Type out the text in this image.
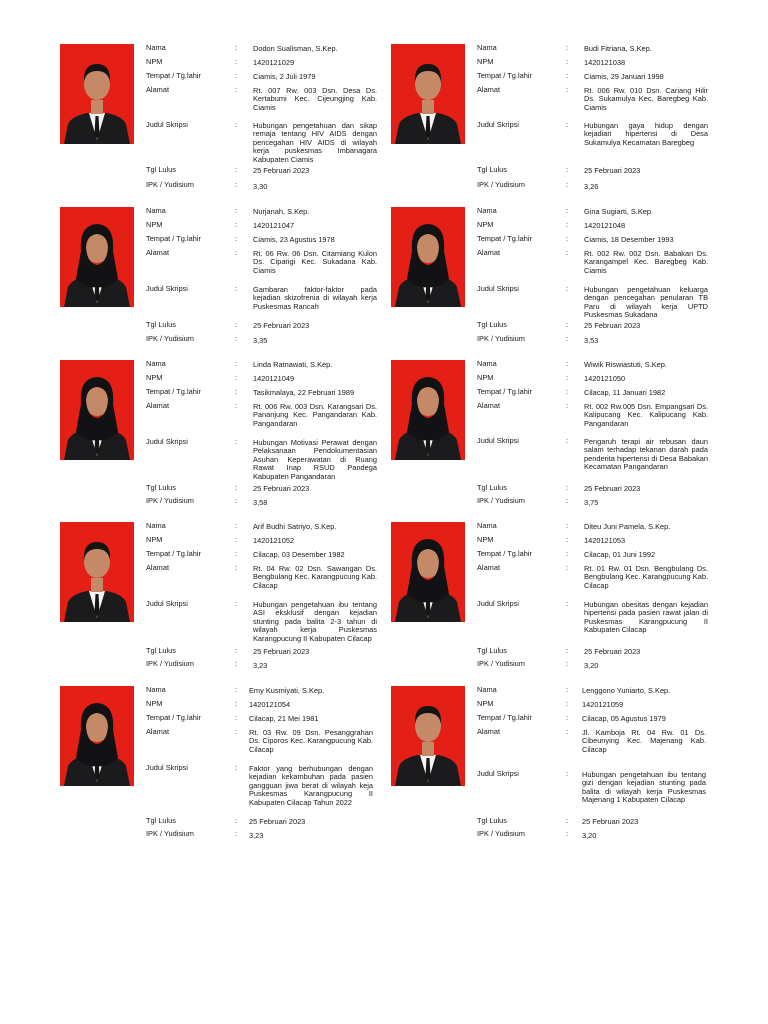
Nama	: Dodon Sualisman, S.Kep.
NPM	: 1420121029
Tempat / Tg.lahir	: Ciamis, 2 Juli 1979
Alamat	: Rt. 007 Rw. 003 Dsn. Desa Ds. Kertabumi Kec. Cijeungjing Kab. Ciamis
Judul Skripsi	: Hubungan pengetahuan dan sikap remaja tentang HIV AIDS dengan pencegahan HIV AIDS di wilayah kerja puskesmas Imbanagara Kabupaten Ciamis
Tgl Lulus	: 25 Februari 2023
IPK / Yudisium	: 3,30
Nama	: Budi Fitriana, S.Kep.
NPM	: 1420121038
Tempat / Tg.lahir	: Ciamis, 29 Januari 1998
Alamat	: Rt. 006 Rw. 010 Dsn. Cariang Hilir Ds. Sukamulya Kec. Baregbeg Kab. Ciamis
Judul Skripsi	: Hubungan gaya hidup dengan kejadian hipertensi di Desa Sukamulya Kecamatan Baregbeg
Tgl Lulus	: 25 Februari 2023
IPK / Yudisium	: 3,26
Nama	: Nurjanah, S.Kep.
NPM	: 1420121047
Tempat / Tg.lahir	: Ciamis, 23 Agustus 1978
Alamat	: Rt. 06 Rw. 06 Dsn. Citamiang Kulon Ds. Ciparigi Kec. Sukadana Kab. Ciamis
Judul Skripsi	: Gambaran faktor-faktor pada kejadian skizofrenia di wilayah kerja Puskesmas Rancah
Tgl Lulus	: 25 Februari 2023
IPK / Yudisium	: 3,35
Nama	: Gina Sugiarti, S.Kep.
NPM	: 1420121048
Tempat / Tg.lahir	: Ciamis, 18 Desember 1993
Alamat	: Rt. 002 Rw. 002 Dsn. Babakan Ds. Karangampel Kec. Baregbeg Kab. Ciamis
Judul Skripsi	: Hubungan pengetahuan keluarga dengan pencegahan penularan TB Paru di wilayah kerja UPTD Puskesmas Sukadana
Tgl Lulus	: 25 Februari 2023
IPK / Yudisium	: 3,53
Nama	: Linda Ratnawati, S.Kep.
NPM	: 1420121049
Tempat / Tg.lahir	: Tasikmalaya, 22 Februari 1989
Alamat	: Rt. 006 Rw. 003 Dsn. Karangsari Ds. Pananjung Kec. Pangandaran Kab. Pangandaran
Judul Skripsi	: Hubungan Motivasi Perawat dengan Pelaksanaan Pendokumentasian Asuhan Keperawatan di Ruang Rawat Inap RSUD Pandega Kabupaten Pangandaran
Tgl Lulus	: 25 Februari 2023
IPK / Yudisium	: 3,58
Nama	: Wiwik Riswiastuti, S.Kep.
NPM	: 1420121050
Tempat / Tg.lahir	: Cilacap, 11 Januari 1982
Alamat	: Rt. 002 Rw.005 Dsn. Empangsari Ds. Kalipucang Kec. Kalipucang Kab. Pangandaran
Judul Skripsi	: Pengaruh terapi air rebusan daun salam terhadap tekanan darah pada penderita hipertensi di Desa Babakan Kecamatan Pangandaran
Tgl Lulus	: 25 Februari 2023
IPK / Yudisium	: 3,75
Nama	: Arif Budhi Satriyo, S.Kep.
NPM	: 1420121052
Tempat / Tg.lahir	: Cilacap, 03 Desember 1982
Alamat	: Rt. 04 Rw. 02 Dsn. Sawangan Ds. Bengbulang Kec. Karangpucung Kab. Cilacap
Judul Skripsi	: Hubungan pengetahuan ibu tentang ASI eksklusif dengan kejadian stunting pada balita 2-3 tahun di wilayah kerja Puskesmas Karangpucung II Kabupaten Cilacap
Tgl Lulus	: 25 Februari 2023
IPK / Yudisium	: 3,23
Nama	: Diteu Juni Pamela, S.Kep.
NPM	: 1420121053
Tempat / Tg.lahir	: Cilacap, 01 Juni 1992
Alamat	: Rt. 01 Rw. 01 Dsn. Bengbulang Ds. Bengbulang Kec. Karangpucung Kab. Cilacap
Judul Skripsi	: Hubungan obesitas dengan kejadian hipertensi pada pasien rawat jalan di Puskesmas Karangpucung II Kabupaten Cilacap
Tgl Lulus	: 25 Februari 2023
IPK / Yudisium	: 3,20
Nama	: Emy Kusmiyati, S.Kep.
NPM	: 1420121054
Tempat / Tg.lahir	: Cilacap, 21 Mei 1981
Alamat	: Rt. 03 Rw. 09 Dsn. Pesanggrahan Ds. Ciporos Kec. Karangpucung Kab. Cilacap
Judul Skripsi	: Faktor yang berhubungan dengan kejadian kekambuhan pada pasien gangguan jiwa berat di wilayah keja Puskesmas Karangpucung II Kabupaten Cilacap Tahun 2022
Tgl Lulus	: 25 Februari 2023
IPK / Yudisium	: 3,23
Nama	: Lenggono Yuniarto, S.Kep.
NPM	: 1420121059
Tempat / Tg.lahir	: Cilacap, 05 Agustus 1979
Alamat	: Jl. Kamboja Rt. 04 Rw. 01 Ds. Cibeunying Kec. Majenang Kab. Cilacap
Judul Skripsi	: Hubungan pengetahuan ibu tentang gizi dengan kejadian stunting pada balita di wilayah kerja Puskesmas Majenang 1 Kabupaten Cilacap
Tgl Lulus	: 25 Februari 2023
IPK / Yudisium	: 3,20
